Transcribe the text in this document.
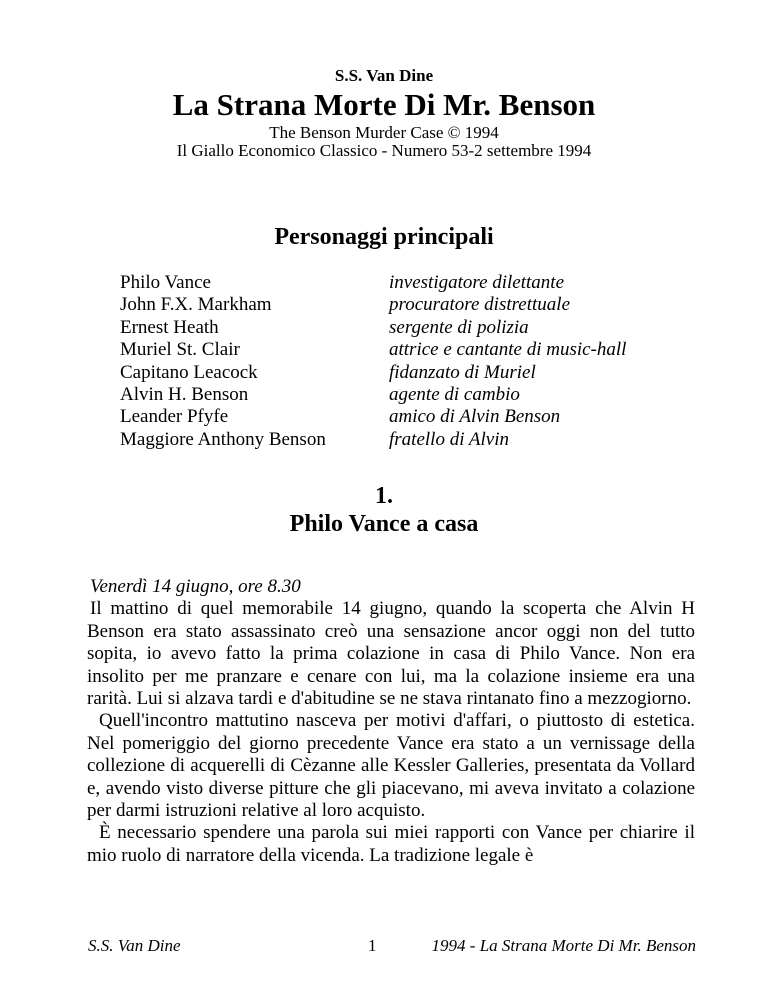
S.S. Van Dine
La Strana Morte Di Mr. Benson
The Benson Murder Case © 1994
Il Giallo Economico Classico - Numero 53-2 settembre 1994
Personaggi principali
Philo Vance	investigatore dilettante
John F.X. Markham	procuratore distrettuale
Ernest Heath	sergente di polizia
Muriel St. Clair	attrice e cantante di music-hall
Capitano Leacock	fidanzato di Muriel
Alvin H. Benson	agente di cambio
Leander Pfyfe	amico di Alvin Benson
Maggiore Anthony Benson	fratello di Alvin
1.
Philo Vance a casa

Venerdì 14 giugno, ore 8.30

Il mattino di quel memorabile 14 giugno, quando la scoperta che Alvin H Benson era stato assassinato creò una sensazione ancor oggi non del tutto sopita, io avevo fatto la prima colazione in casa di Philo Vance. Non era insolito per me pranzare e cenare con lui, ma la colazione insieme era una rarità. Lui si alzava tardi e d'abitudine se ne stava rintanato fino a mezzogiorno.

Quell'incontro mattutino nasceva per motivi d'affari, o piuttosto di estetica. Nel pomeriggio del giorno precedente Vance era stato a un vernissage della collezione di acquerelli di Cèzanne alle Kessler Galleries, presentata da Vollard e, avendo visto diverse pitture che gli piacevano, mi aveva invitato a colazione per darmi istruzioni relative al loro acquisto.

È necessario spendere una parola sui miei rapporti con Vance per chiarire il mio ruolo di narratore della vicenda. La tradizione legale è

S.S. Van Dine	1	1994 - La Strana Morte Di Mr. Benson
